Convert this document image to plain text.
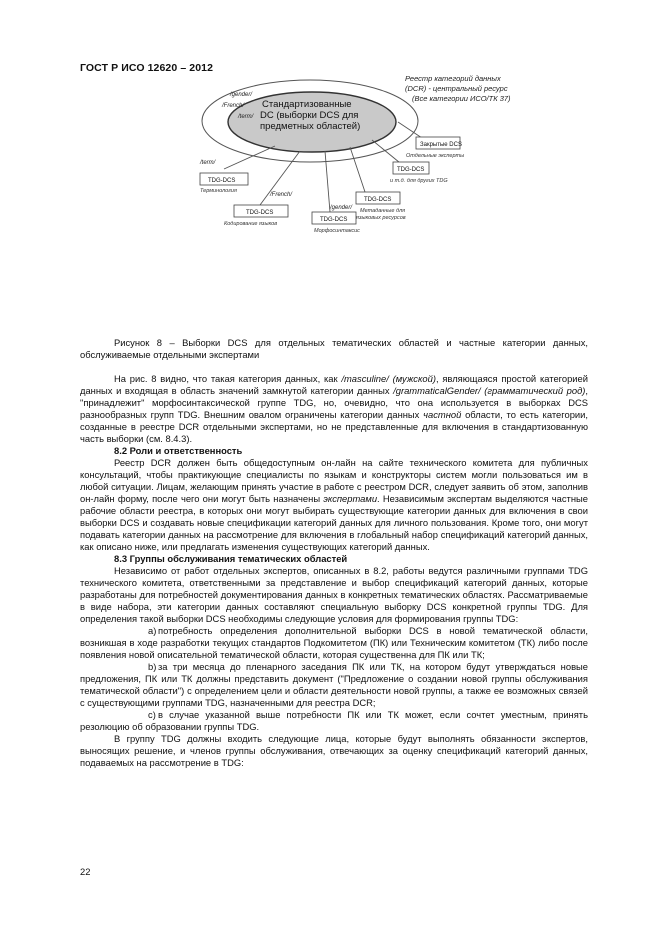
ГОСТ Р ИСО 12620 – 2012
Реестр категорий данных
(DCR) - центральный ресурс
(Все категории ИСО/ТК 37)
Стандартизованные
DC (выборки DCS для
предметных областей)
/gender/
/French/
/term/
Закрытые DCS
Отдельные эксперты
TDG-DCS
и т.д. для других TDG
TDG-DCS
Метаданные для
языковых ресурсов
/gender/
TDG-DCS
Морфосинтаксис
/French/
TDG-DCS
Кодирование языков
/term/
TDG-DCS
Терминология
Рисунок 8 – Выборки DCS для отдельных тематических областей и частные категории данных, обслуживаемые отдельными экспертами

На рис. 8 видно, что такая категория данных, как /masculine/ (мужской), являющаяся простой категорией данных и входящая в область значений замкнутой категории данных /grammaticalGender/ (грамматический род), "принадлежит" морфосинтаксической группе TDG, но, очевидно, что она используется в выборках DCS разнообразных групп TDG. Внешним овалом ограничены категории данных частной области, то есть категории, созданные в реестре DCR отдельными экспертами, но не представленные для включения в стандартизованную часть выборки (см. 8.4.3).

8.2 Роли и ответственность

Реестр DCR должен быть общедоступным он-лайн на сайте технического комитета для публичных консультаций, чтобы практикующие специалисты по языкам и конструкторы систем могли пользоваться им в любой ситуации. Лицам, желающим принять участие в работе с реестром DCR, следует заявить об этом, заполнив он-лайн форму, после чего они могут быть назначены экспертами. Независимым экспертам выделяются частные рабочие области реестра, в которых они могут выбирать существующие категории данных для включения в свои выборки DCS и создавать новые спецификации категорий данных для личного пользования. Кроме того, они могут подавать категории данных на рассмотрение для включения в глобальный набор спецификаций категорий данных, как описано ниже, или предлагать изменения существующих категорий данных.

8.3 Группы обслуживания тематических областей

Независимо от работ отдельных экспертов, описанных в 8.2, работы ведутся различными группами TDG технического комитета, ответственными за представление и выбор спецификаций категорий данных, которые разработаны для потребностей документирования данных в конкретных тематических областях. Рассматриваемые в виде набора, эти категории данных составляют специальную выборку DCS конкретной группы TDG. Для определения такой выборки DCS необходимы следующие условия для формирования группы TDG:

a) потребность определения дополнительной выборки DCS в новой тематической области, возникшая в ходе разработки текущих стандартов Подкомитетом (ПК) или Техническим комитетом (ТК) либо после появления новой описательной тематической области, которая существенна для ПК или ТК;

b) за три месяца до пленарного заседания ПК или ТК, на котором будут утверждаться новые предложения, ПК или ТК должны представить документ ("Предложение о создании новой группы обслуживания тематической области") с определением цели и области деятельности новой группы, а также ее возможных связей с существующими группами TDG, назначенными для реестра DCR;

c) в случае указанной выше потребности ПК или ТК может, если сочтет уместным, принять резолюцию об образовании группы TDG.

В группу TDG должны входить следующие лица, которые будут выполнять обязанности экспертов, выносящих решение, и членов группы обслуживания, отвечающих за оценку спецификаций категорий данных, подаваемых на рассмотрение в TDG:

22
